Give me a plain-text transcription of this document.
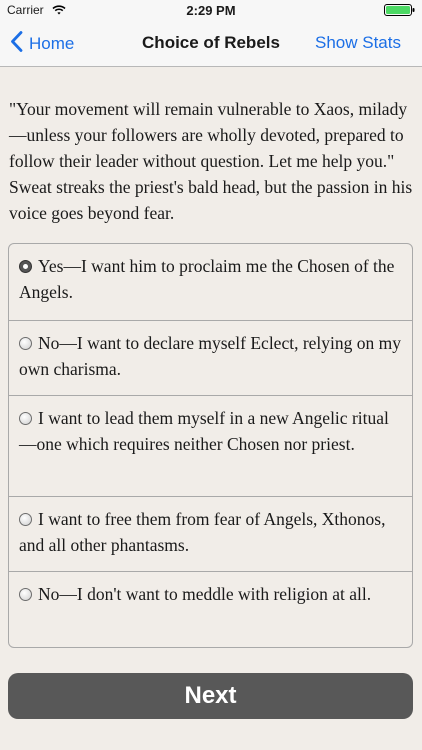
Carrier	2:29 PM
Home	Choice of Rebels	Show Stats

"Your movement will remain vulnerable to Xaos, milady—unless your followers are wholly devoted, prepared to follow their leader without question. Let me help you." Sweat streaks the priest's bald head, but the passion in his voice goes beyond fear.

Yes—I want him to proclaim me the Chosen of the Angels.
No—I want to declare myself Eclect, relying on my own charisma.
I want to lead them myself in a new Angelic ritual—one which requires neither Chosen nor priest.
I want to free them from fear of Angels, Xthonos, and all other phantasms.
No—I don't want to meddle with religion at all.
Next
